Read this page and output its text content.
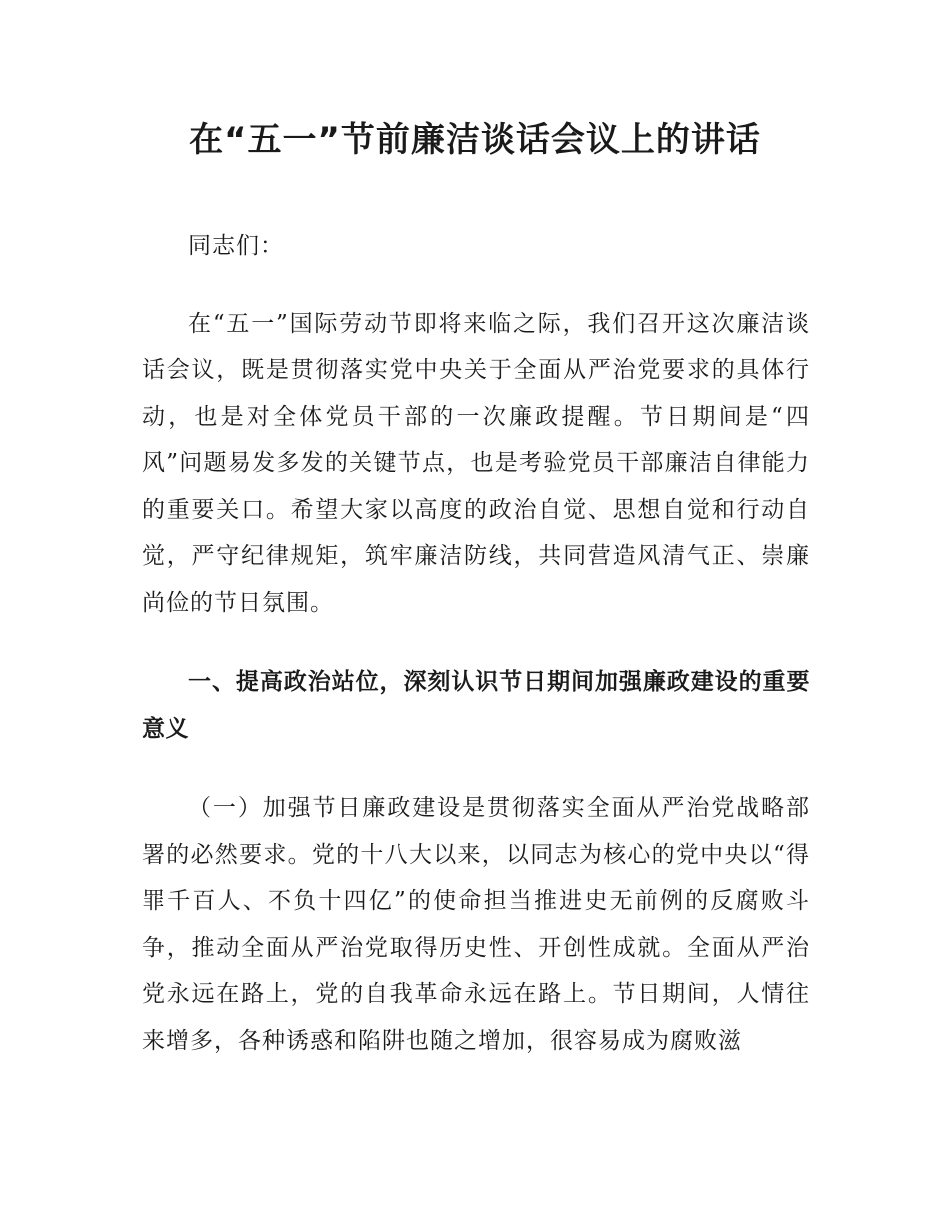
在“五一”节前廉洁谈话会议上的讲话

同志们：

在“五一”国际劳动节即将来临之际，我们召开这次廉洁谈话会议，既是贯彻落实党中央关于全面从严治党要求的具体行动，也是对全体党员干部的一次廉政提醒。节日期间是“四风”问题易发多发的关键节点，也是考验党员干部廉洁自律能力的重要关口。希望大家以高度的政治自觉、思想自觉和行动自觉，严守纪律规矩，筑牢廉洁防线，共同营造风清气正、崇廉尚俭的节日氛围。

一、提高政治站位，深刻认识节日期间加强廉政建设的重要意义

（一）加强节日廉政建设是贯彻落实全面从严治党战略部署的必然要求。党的十八大以来，以同志为核心的党中央以“得罪千百人、不负十四亿”的使命担当推进史无前例的反腐败斗争，推动全面从严治党取得历史性、开创性成就。全面从严治党永远在路上，党的自我革命永远在路上。节日期间，人情往来增多，各种诱惑和陷阱也随之增加，很容易成为腐败滋
